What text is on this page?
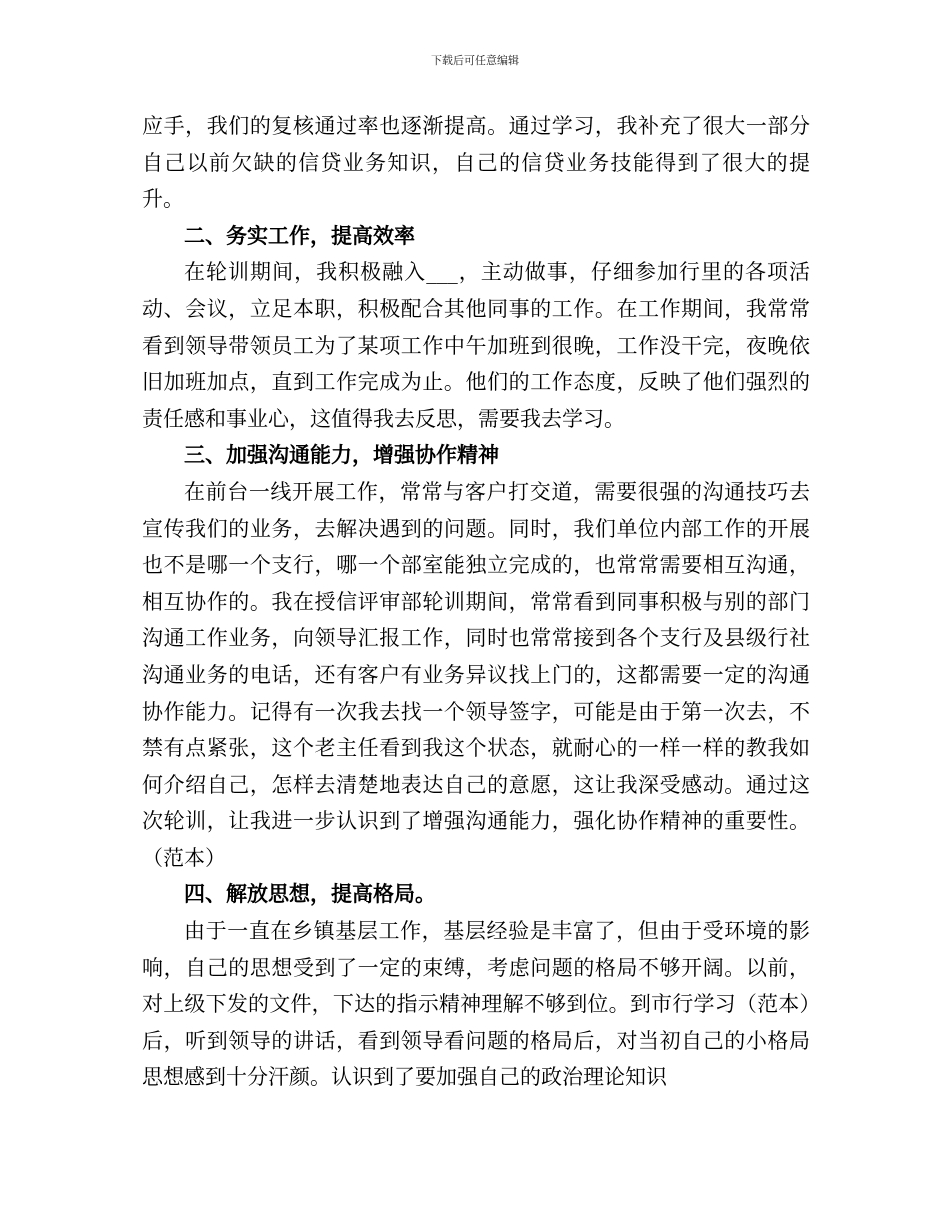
下载后可任意编辑

应手，我们的复核通过率也逐渐提高。通过学习，我补充了很大一部分自己以前欠缺的信贷业务知识，自己的信贷业务技能得到了很大的提升。

二、务实工作，提高效率

在轮训期间，我积极融入___，主动做事，仔细参加行里的各项活动、会议，立足本职，积极配合其他同事的工作。在工作期间，我常常看到领导带领员工为了某项工作中午加班到很晚，工作没干完，夜晚依旧加班加点，直到工作完成为止。他们的工作态度，反映了他们强烈的责任感和事业心，这值得我去反思，需要我去学习。

三、加强沟通能力，增强协作精神

在前台一线开展工作，常常与客户打交道，需要很强的沟通技巧去宣传我们的业务，去解决遇到的问题。同时，我们单位内部工作的开展也不是哪一个支行，哪一个部室能独立完成的，也常常需要相互沟通，相互协作的。我在授信评审部轮训期间，常常看到同事积极与别的部门沟通工作业务，向领导汇报工作，同时也常常接到各个支行及县级行社沟通业务的电话，还有客户有业务异议找上门的，这都需要一定的沟通协作能力。记得有一次我去找一个领导签字，可能是由于第一次去，不禁有点紧张，这个老主任看到我这个状态，就耐心的一样一样的教我如何介绍自己，怎样去清楚地表达自己的意愿，这让我深受感动。通过这次轮训，让我进一步认识到了增强沟通能力，强化协作精神的重要性。（范本）

四、解放思想，提高格局。

由于一直在乡镇基层工作，基层经验是丰富了，但由于受环境的影响，自己的思想受到了一定的束缚，考虑问题的格局不够开阔。以前，对上级下发的文件，下达的指示精神理解不够到位。到市行学习（范本）后，听到领导的讲话，看到领导看问题的格局后，对当初自己的小格局思想感到十分汗颜。认识到了要加强自己的政治理论知识
